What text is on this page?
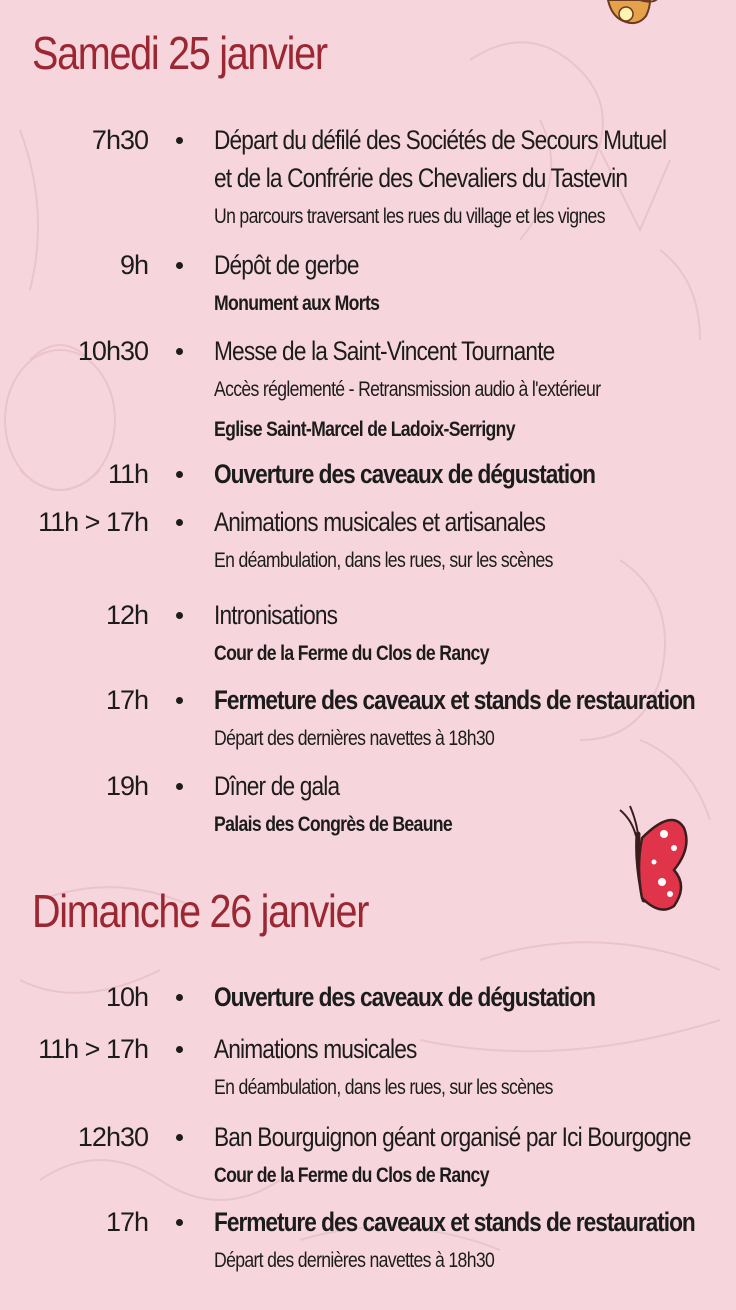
Samedi 25 janvier
7h30 Départ du défilé des Sociétés de Secours Mutuel
et de la Confrérie des Chevaliers du Tastevin
Un parcours traversant les rues du village et les vignes
9h Dépôt de gerbe
Monument aux Morts
10h30 Messe de la Saint-Vincent Tournante
Accès réglementé - Retransmission audio à l'extérieur
Eglise Saint-Marcel de Ladoix-Serrigny
11h Ouverture des caveaux de dégustation
11h > 17h Animations musicales et artisanales
En déambulation, dans les rues, sur les scènes
12h Intronisations
Cour de la Ferme du Clos de Rancy
17h Fermeture des caveaux et stands de restauration
Départ des dernières navettes à 18h30
19h Dîner de gala
Palais des Congrès de Beaune
Dimanche 26 janvier
10h Ouverture des caveaux de dégustation
11h > 17h Animations musicales
En déambulation, dans les rues, sur les scènes
12h30 Ban Bourguignon géant organisé par Ici Bourgogne
Cour de la Ferme du Clos de Rancy
17h Fermeture des caveaux et stands de restauration
Départ des dernières navettes à 18h30
